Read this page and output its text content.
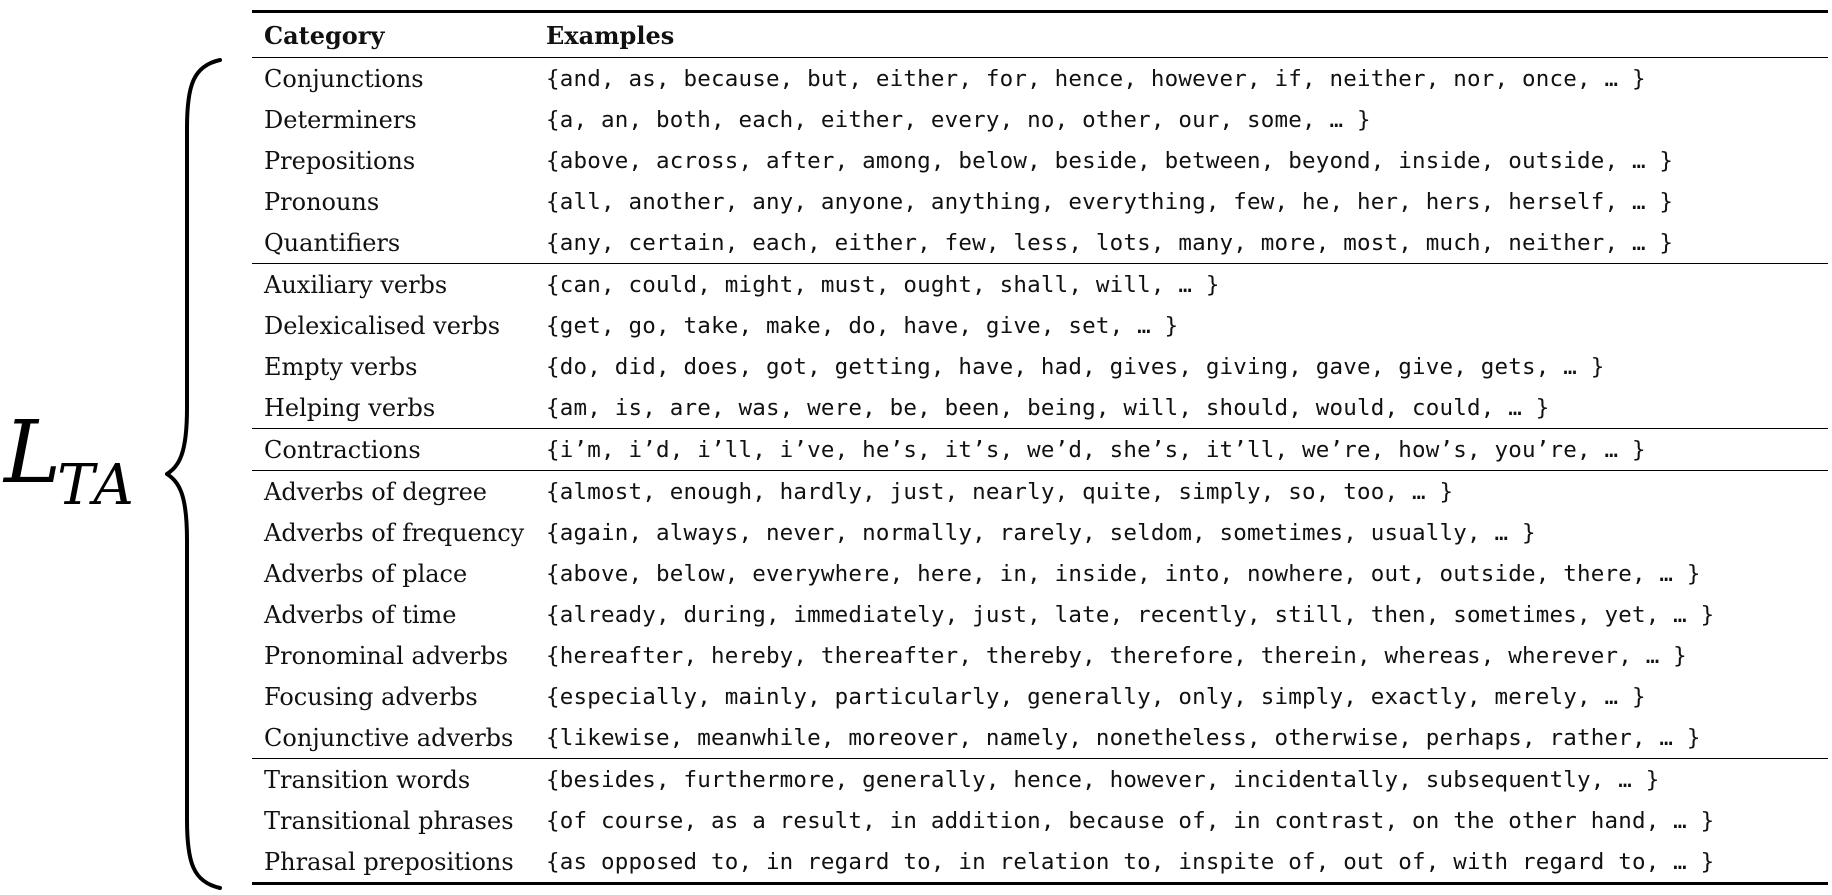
$L_{TA}$
Category	Examples
Conjunctions	{and, as, because, but, either, for, hence, however, if, neither, nor, once, … }
Determiners	{a, an, both, each, either, every, no, other, our, some, … }
Prepositions	{above, across, after, among, below, beside, between, beyond, inside, outside, … }
Pronouns	{all, another, any, anyone, anything, everything, few, he, her, hers, herself, … }
Quantifiers	{any, certain, each, either, few, less, lots, many, more, most, much, neither, … }
Auxiliary verbs	{can, could, might, must, ought, shall, will, … }
Delexicalised verbs	{get, go, take, make, do, have, give, set, … }
Empty verbs	{do, did, does, got, getting, have, had, gives, giving, gave, give, gets, … }
Helping verbs	{am, is, are, was, were, be, been, being, will, should, would, could, … }
Contractions	{i’m, i’d, i’ll, i’ve, he’s, it’s, we’d, she’s, it’ll, we’re, how’s, you’re, … }
Adverbs of degree	{almost, enough, hardly, just, nearly, quite, simply, so, too, … }
Adverbs of frequency	{again, always, never, normally, rarely, seldom, sometimes, usually, … }
Adverbs of place	{above, below, everywhere, here, in, inside, into, nowhere, out, outside, there, … }
Adverbs of time	{already, during, immediately, just, late, recently, still, then, sometimes, yet, … }
Pronominal adverbs	{hereafter, hereby, thereafter, thereby, therefore, therein, whereas, wherever, … }
Focusing adverbs	{especially, mainly, particularly, generally, only, simply, exactly, merely, … }
Conjunctive adverbs	{likewise, meanwhile, moreover, namely, nonetheless, otherwise, perhaps, rather, … }
Transition words	{besides, furthermore, generally, hence, however, incidentally, subsequently, … }
Transitional phrases	{of course, as a result, in addition, because of, in contrast, on the other hand, … }
Phrasal prepositions	{as opposed to, in regard to, in relation to, inspite of, out of, with regard to, … }
